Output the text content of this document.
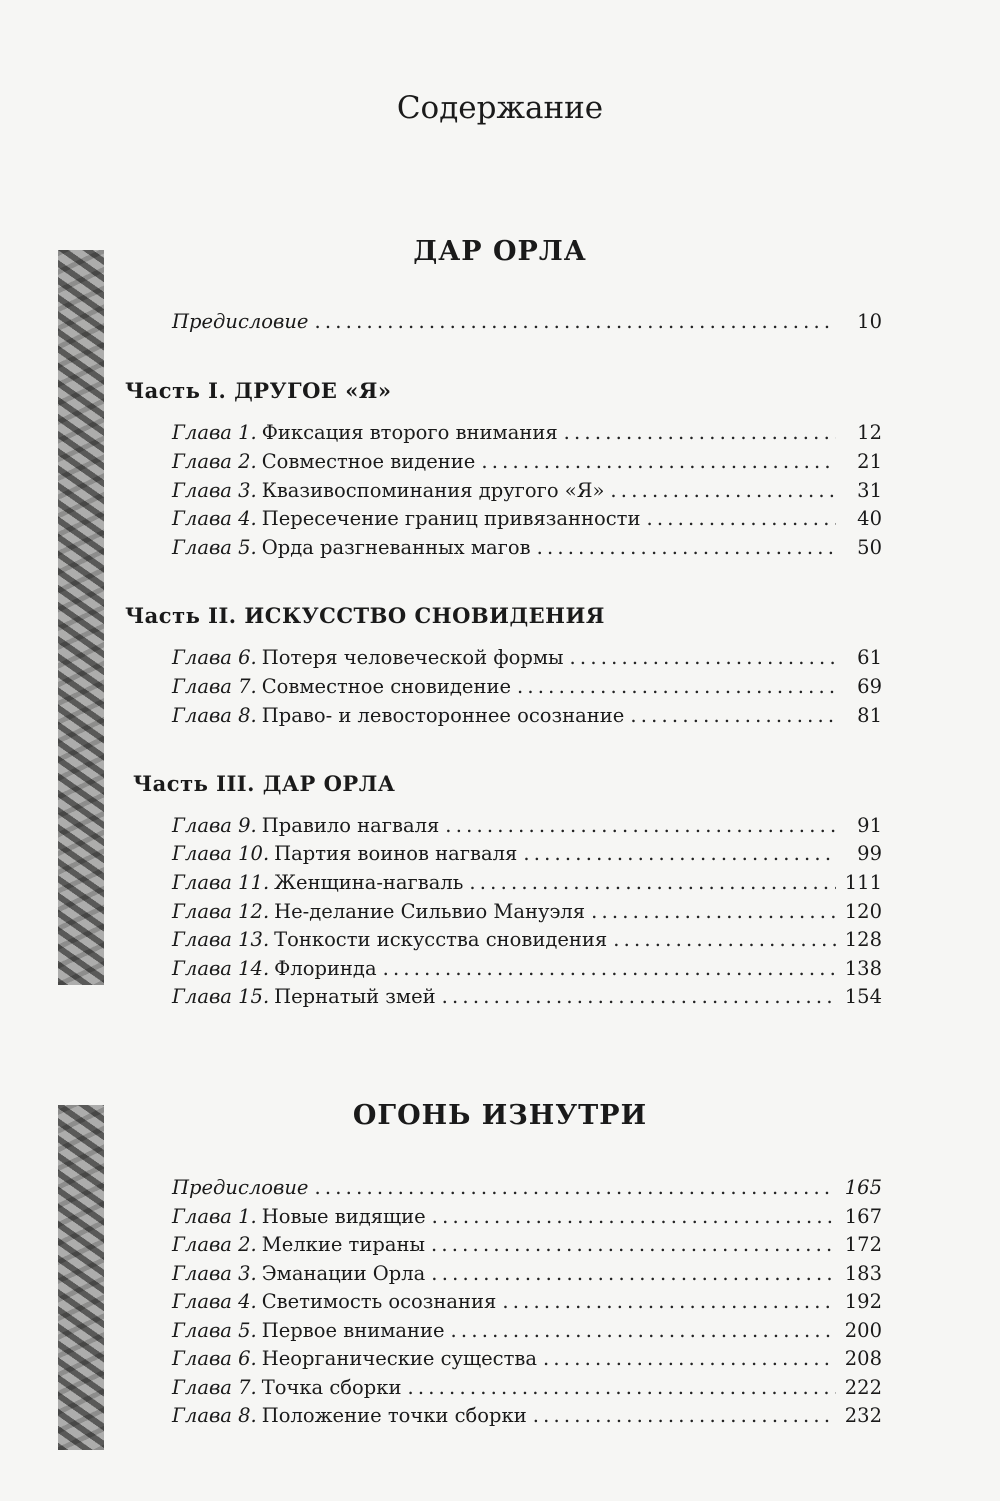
Содержание
ДАР ОРЛА
Предисловие . . .	10
Часть I. ДРУГОЕ «Я»
Глава 1. Фиксация второго внимания . . .	12
Глава 2. Совместное видение . . .	21
Глава 3. Квазивоспоминания другого «Я» . . .	31
Глава 4. Пересечение границ привязанности . . .	40
Глава 5. Орда разгневанных магов . . .	50
Часть II. ИСКУССТВО СНОВИДЕНИЯ
Глава 6. Потеря человеческой формы . . .	61
Глава 7. Совместное сновидение . . .	69
Глава 8. Право- и левостороннее осознание . . .	81
Часть III. ДАР ОРЛА
Глава 9. Правило нагваля . . .	91
Глава 10. Партия воинов нагваля . . .	99
Глава 11. Женщина-нагваль . . .	111
Глава 12. Не-делание Сильвио Мануэля . . .	120
Глава 13. Тонкости искусства сновидения . . .	128
Глава 14. Флоринда . . .	138
Глава 15. Пернатый змей . . .	154
ОГОНЬ ИЗНУТРИ
Предисловие . . .	165
Глава 1. Новые видящие . . .	167
Глава 2. Мелкие тираны . . .	172
Глава 3. Эманации Орла . . .	183
Глава 4. Светимость осознания . . .	192
Глава 5. Первое внимание . . .	200
Глава 6. Неорганические существа . . .	208
Глава 7. Точка сборки . . .	222
Глава 8. Положение точки сборки . . .	232
